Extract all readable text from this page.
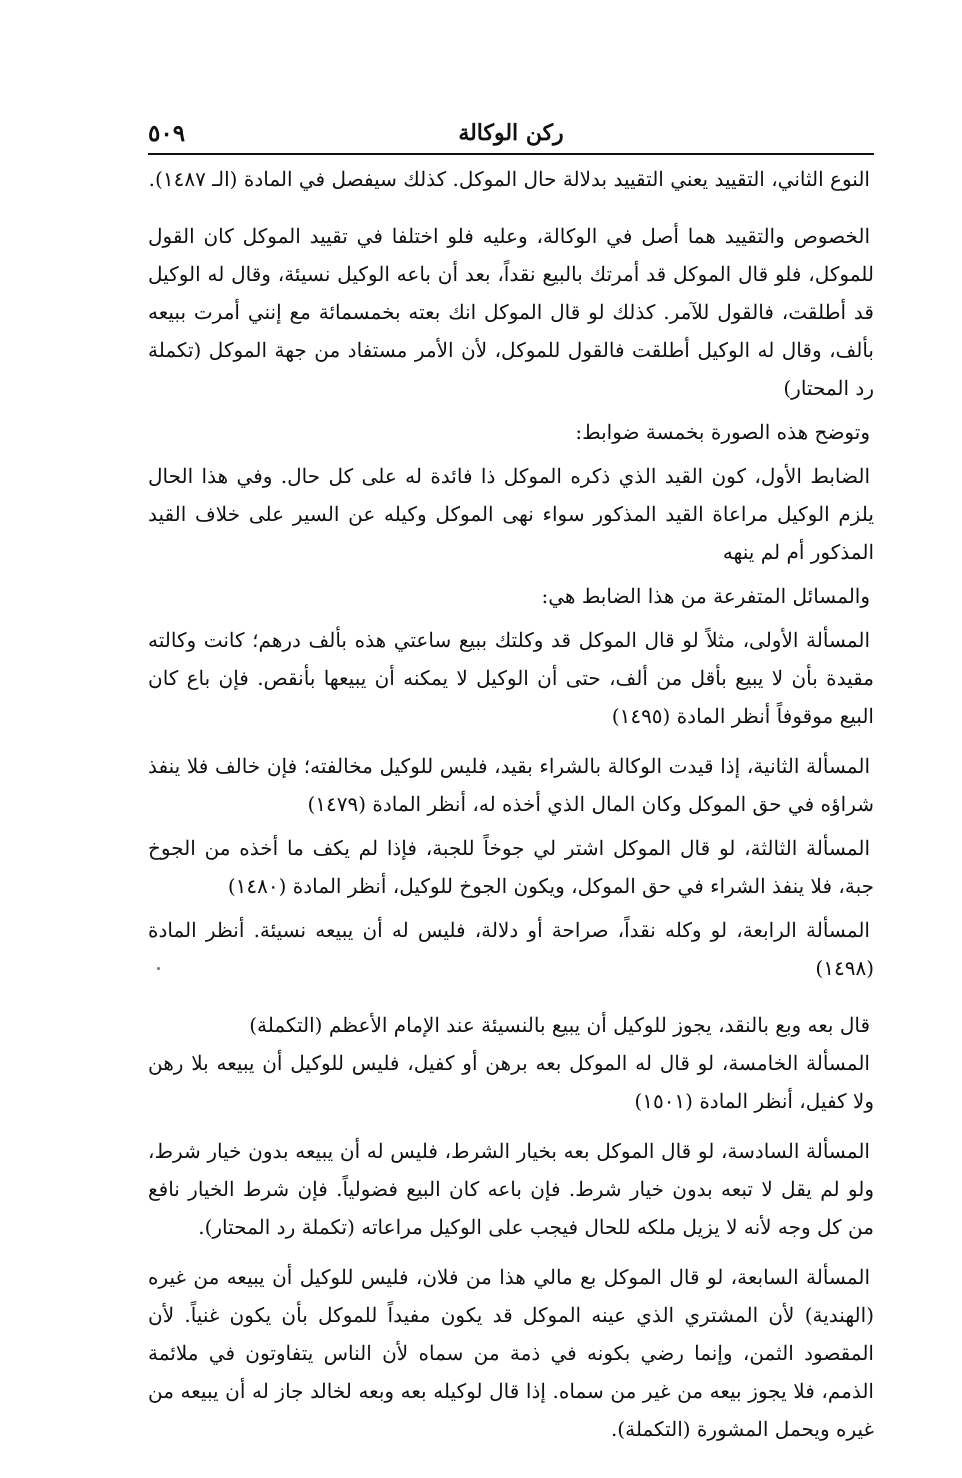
٥٠٩	ركن الوكالة

النوع الثاني، التقييد يعني التقييد بدلالة حال الموكل. كذلك سيفصل في المادة (الـ ١٤٨٧).

الخصوص والتقييد هما أصل في الوكالة، وعليه فلو اختلفا في تقييد الموكل كان القول للموكل، فلو قال الموكل قد أمرتك بالبيع نقداً، بعد أن باعه الوكيل نسيئة، وقال له الوكيل قد أطلقت، فالقول للآمر. كذلك لو قال الموكل انك بعته بخمسمائة مع إنني أمرت ببيعه بألف، وقال له الوكيل أطلقت فالقول للموكل، لأن الأمر مستفاد من جهة الموكل (تكملة رد المحتار)

وتوضح هذه الصورة بخمسة ضوابط:

الضابط الأول، كون القيد الذي ذكره الموكل ذا فائدة له على كل حال. وفي هذا الحال يلزم الوكيل مراعاة القيد المذكور سواء نهى الموكل وكيله عن السير على خلاف القيد المذكور أم لم ينهه

والمسائل المتفرعة من هذا الضابط هي:

المسألة الأولى، مثلاً لو قال الموكل قد وكلتك ببيع ساعتي هذه بألف درهم؛ كانت وكالته مقيدة بأن لا يبيع بأقل من ألف، حتى أن الوكيل لا يمكنه أن يبيعها بأنقص. فإن باع كان البيع موقوفاً أنظر المادة (١٤٩٥)

المسألة الثانية، إذا قيدت الوكالة بالشراء بقيد، فليس للوكيل مخالفته؛ فإن خالف فلا ينفذ شراؤه في حق الموكل وكان المال الذي أخذه له، أنظر المادة (١٤٧٩)

المسألة الثالثة، لو قال الموكل اشتر لي جوخاً للجبة، فإذا لم يكف ما أخذه من الجوخ جبة، فلا ينفذ الشراء في حق الموكل، ويكون الجوخ للوكيل، أنظر المادة (١٤٨٠)

المسألة الرابعة، لو وكله نقداً، صراحة أو دلالة، فليس له أن يبيعه نسيئة. أنظر المادة (١٤٩٨)

قال بعه وبع بالنقد، يجوز للوكيل أن يبيع بالنسيئة عند الإمام الأعظم (التكملة)

المسألة الخامسة، لو قال له الموكل بعه برهن أو كفيل، فليس للوكيل أن يبيعه بلا رهن ولا كفيل، أنظر المادة (١٥٠١)

المسألة السادسة، لو قال الموكل بعه بخيار الشرط، فليس له أن يبيعه بدون خيار شرط، ولو لم يقل لا تبعه بدون خيار شرط. فإن باعه كان البيع فضولياً. فإن شرط الخيار نافع من كل وجه لأنه لا يزيل ملكه للحال فيجب على الوكيل مراعاته (تكملة رد المحتار).

المسألة السابعة، لو قال الموكل بع مالي هذا من فلان، فليس للوكيل أن يبيعه من غيره (الهندية) لأن المشتري الذي عينه الموكل قد يكون مفيداً للموكل بأن يكون غنياً. لأن المقصود الثمن، وإنما رضي بكونه في ذمة من سماه لأن الناس يتفاوتون في ملائمة الذمم، فلا يجوز بيعه من غير من سماه. إذا قال لوكيله بعه وبعه لخالد جاز له أن يبيعه من غيره ويحمل المشورة (التكملة).
